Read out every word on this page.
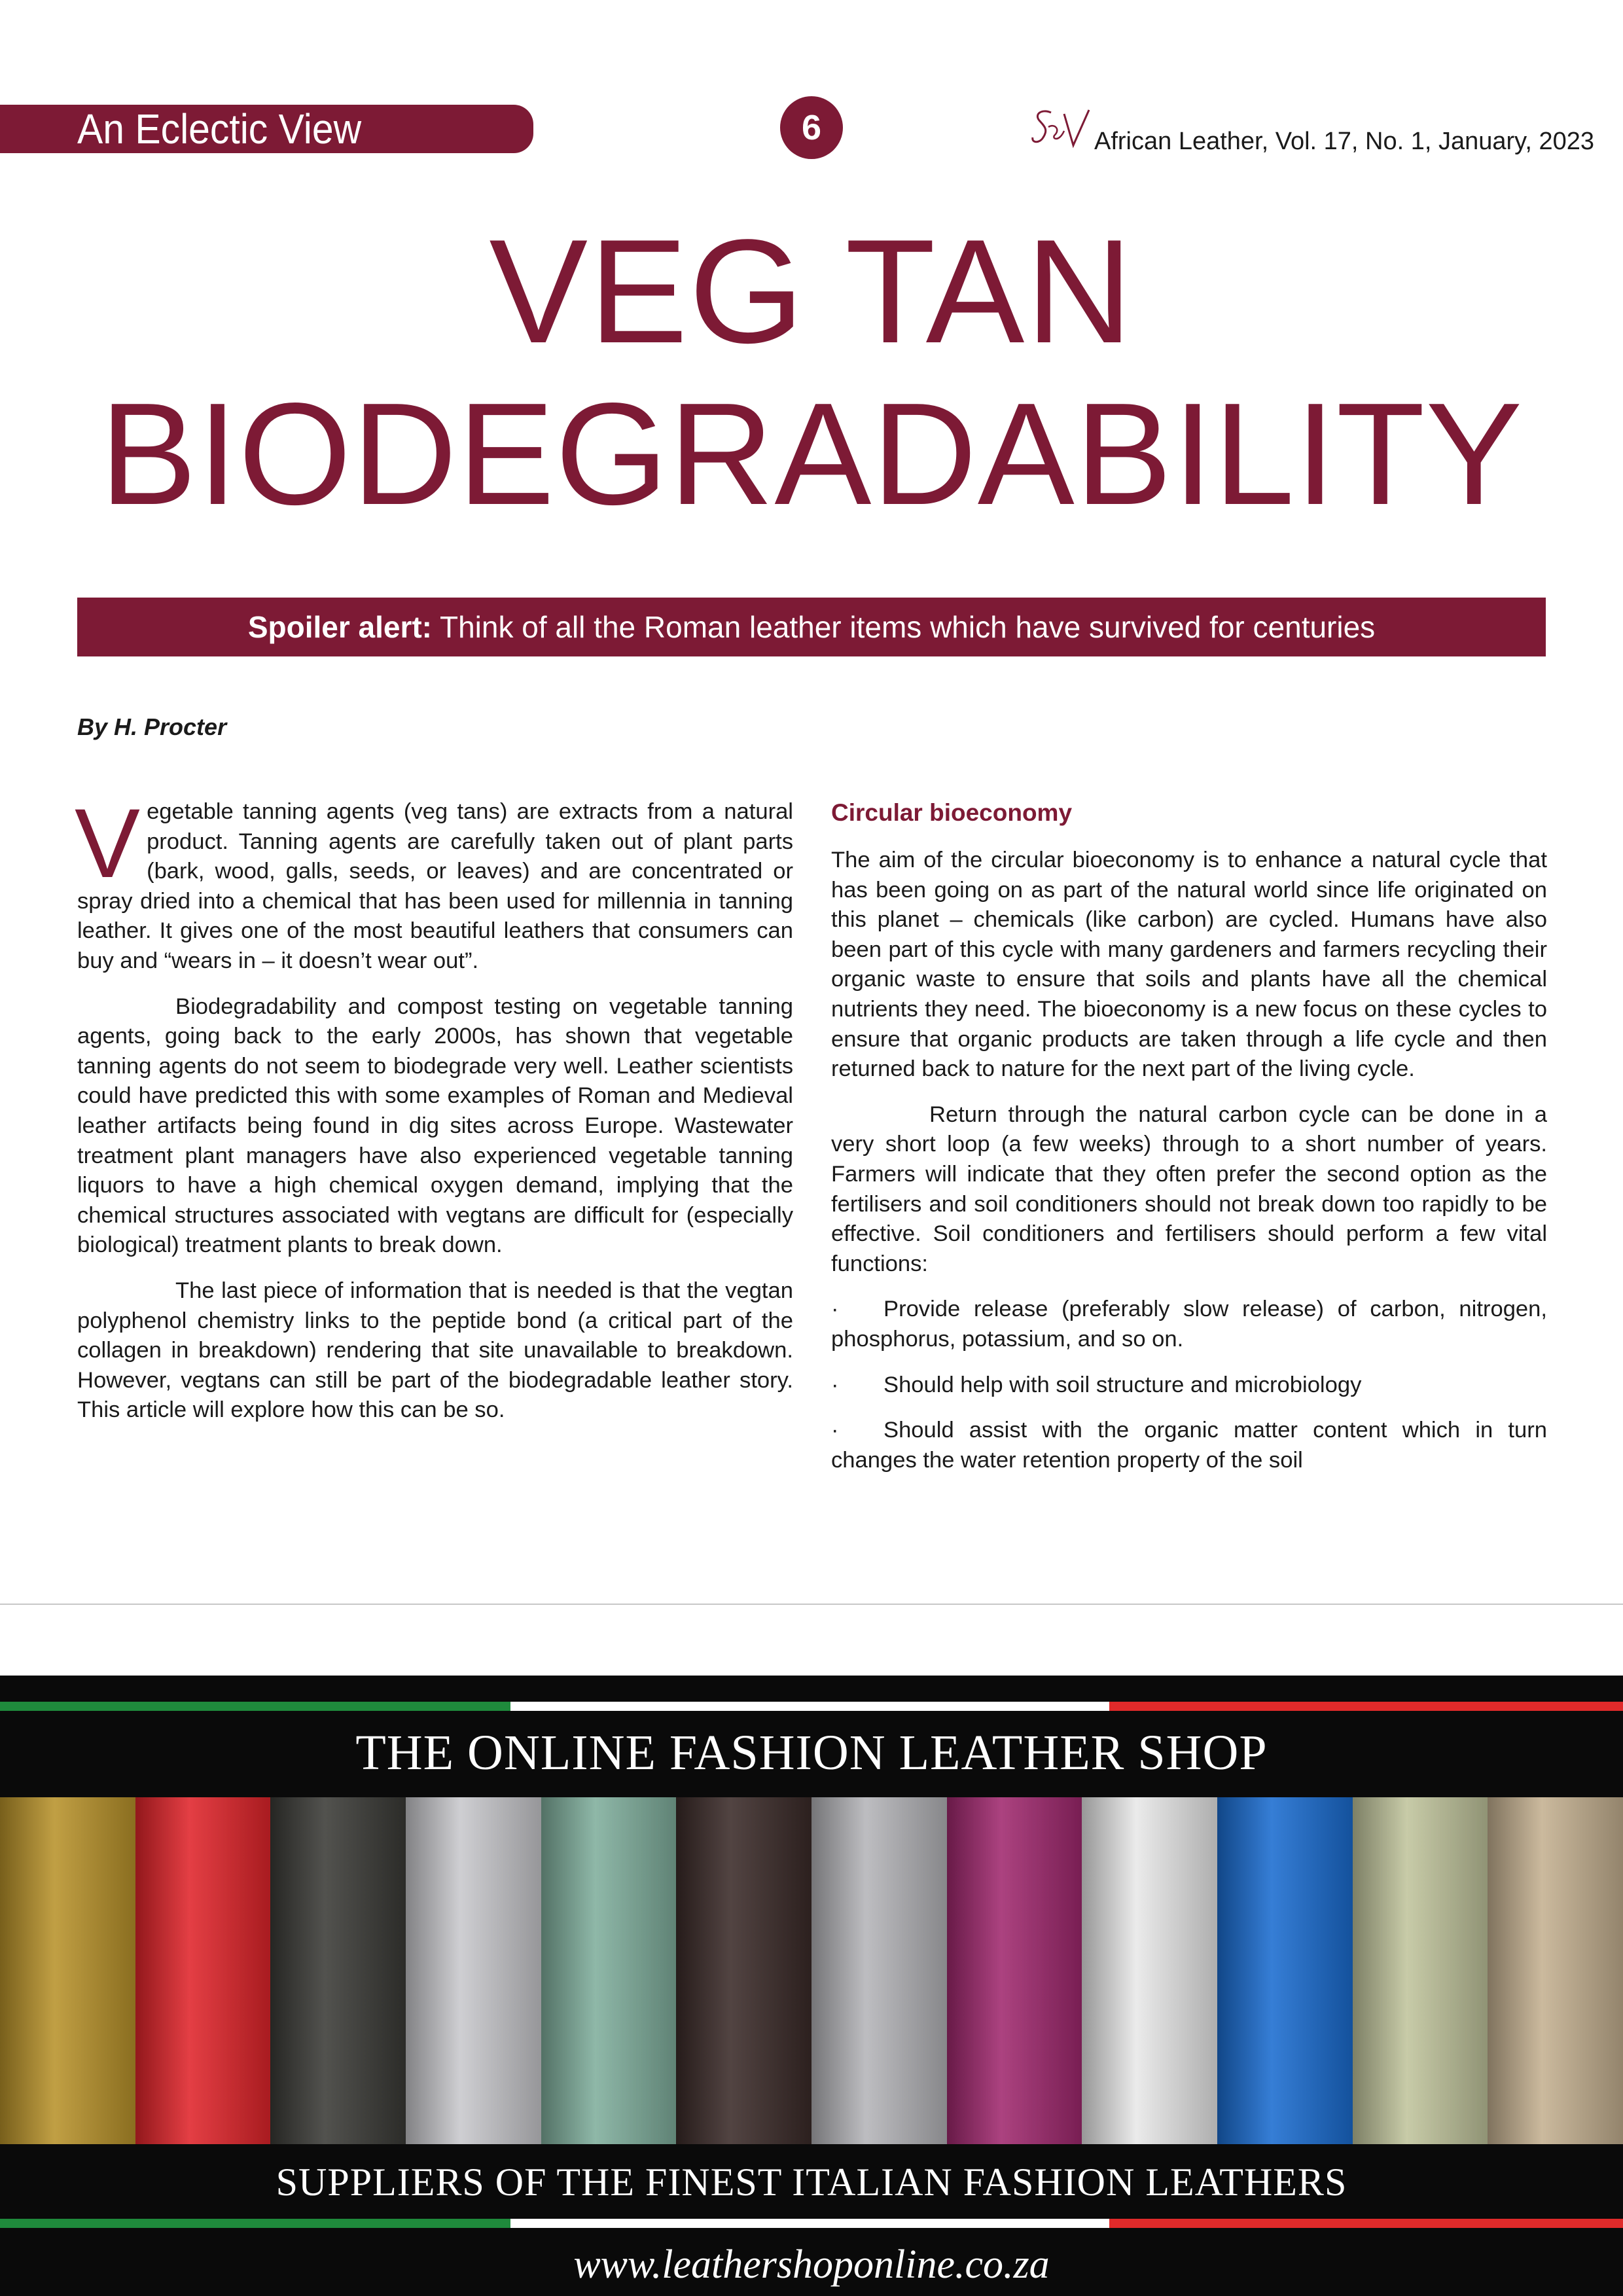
An Eclectic View	6	African Leather, Vol. 17, No. 1, January, 2023
VEG TAN
BIODEGRADABILITY
Spoiler alert: Think of all the Roman leather items which have survived for centuries
By H. Procter

Vegetable tanning agents (veg tans) are extracts from a natural product. Tanning agents are carefully taken out of plant parts (bark, wood, galls, seeds, or leaves) and are concentrated or spray dried into a chemical that has been used for millennia in tanning leather. It gives one of the most beautiful leathers that consumers can buy and “wears in – it doesn’t wear out”.

Biodegradability and compost testing on vegetable tanning agents, going back to the early 2000s, has shown that vegetable tanning agents do not seem to biodegrade very well. Leather scientists could have predicted this with some examples of Roman and Medieval leather artifacts being found in dig sites across Europe. Wastewater treatment plant managers have also experienced vegetable tanning liquors to have a high chemical oxygen demand, implying that the chemical structures associated with vegtans are difficult for (especially biological) treatment plants to break down.

The last piece of information that is needed is that the vegtan polyphenol chemistry links to the peptide bond (a critical part of the collagen in breakdown) rendering that site unavailable to breakdown. However, vegtans can still be part of the biodegradable leather story. This article will explore how this can be so.

Circular bioeconomy

The aim of the circular bioeconomy is to enhance a natural cycle that has been going on as part of the natural world since life originated on this planet – chemicals (like carbon) are cycled. Humans have also been part of this cycle with many gardeners and farmers recycling their organic waste to ensure that soils and plants have all the chemical nutrients they need. The bioeconomy is a new focus on these cycles to ensure that organic products are taken through a life cycle and then returned back to nature for the next part of the living cycle.

Return through the natural carbon cycle can be done in a very short loop (a few weeks) through to a short number of years. Farmers will indicate that they often prefer the second option as the fertilisers and soil conditioners should not break down too rapidly to be effective. Soil conditioners and fertilisers should perform a few vital functions:

· Provide release (preferably slow release) of carbon, nitrogen, phosphorus, potassium, and so on.

· Should help with soil structure and microbiology

· Should assist with the organic matter content which in turn changes the water retention property of the soil

THE ONLINE FASHION LEATHER SHOP
SUPPLIERS OF THE FINEST ITALIAN FASHION LEATHERS
www.leathershoponline.co.za
